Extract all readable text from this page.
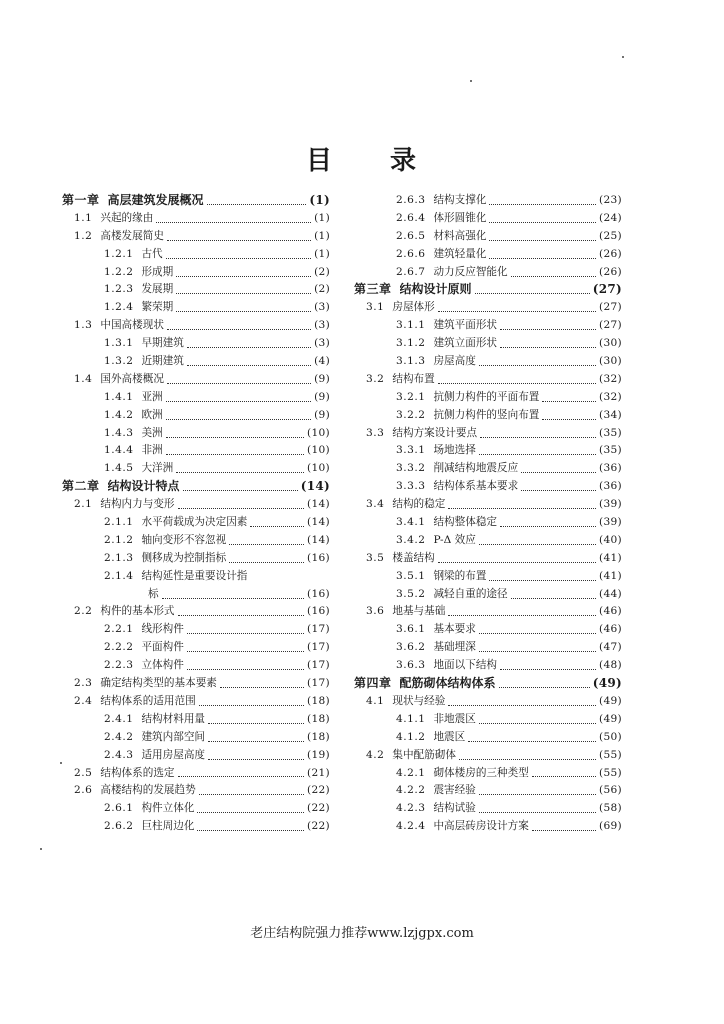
目 录
第一章 高层建筑发展概况	(1)
1.1 兴起的缘由	(1)
1.2 高楼发展简史	(1)
1.2.1 古代	(1)
1.2.2 形成期	(2)
1.2.3 发展期	(2)
1.2.4 繁荣期	(3)
1.3 中国高楼现状	(3)
1.3.1 早期建筑	(3)
1.3.2 近期建筑	(4)
1.4 国外高楼概况	(9)
1.4.1 亚洲	(9)
1.4.2 欧洲	(9)
1.4.3 美洲	(10)
1.4.4 非洲	(10)
1.4.5 大洋洲	(10)
第二章 结构设计特点	(14)
2.1 结构内力与变形	(14)
2.1.1 水平荷载成为决定因素	(14)
2.1.2 轴向变形不容忽视	(14)
2.1.3 侧移成为控制指标	(16)
2.1.4 结构延性是重要设计指
标	(16)
2.2 构件的基本形式	(16)
2.2.1 线形构件	(17)
2.2.2 平面构件	(17)
2.2.3 立体构件	(17)
2.3 确定结构类型的基本要素	(17)
2.4 结构体系的适用范围	(18)
2.4.1 结构材料用量	(18)
2.4.2 建筑内部空间	(18)
2.4.3 适用房屋高度	(19)
2.5 结构体系的选定	(21)
2.6 高楼结构的发展趋势	(22)
2.6.1 构件立体化	(22)
2.6.2 巨柱周边化	(22)
2.6.3 结构支撑化	(23)
2.6.4 体形圆锥化	(24)
2.6.5 材料高强化	(25)
2.6.6 建筑轻量化	(26)
2.6.7 动力反应智能化	(26)
第三章 结构设计原则	(27)
3.1 房屋体形	(27)
3.1.1 建筑平面形状	(27)
3.1.2 建筑立面形状	(30)
3.1.3 房屋高度	(30)
3.2 结构布置	(32)
3.2.1 抗侧力构件的平面布置	(32)
3.2.2 抗侧力构件的竖向布置	(34)
3.3 结构方案设计要点	(35)
3.3.1 场地选择	(35)
3.3.2 削减结构地震反应	(36)
3.3.3 结构体系基本要求	(36)
3.4 结构的稳定	(39)
3.4.1 结构整体稳定	(39)
3.4.2 P-Δ 效应	(40)
3.5 楼盖结构	(41)
3.5.1 钢梁的布置	(41)
3.5.2 减轻自重的途径	(44)
3.6 地基与基础	(46)
3.6.1 基本要求	(46)
3.6.2 基础埋深	(47)
3.6.3 地面以下结构	(48)
第四章 配筋砌体结构体系	(49)
4.1 现状与经验	(49)
4.1.1 非地震区	(49)
4.1.2 地震区	(50)
4.2 集中配筋砌体	(55)
4.2.1 砌体楼房的三种类型	(55)
4.2.2 震害经验	(56)
4.2.3 结构试验	(58)
4.2.4 中高层砖房设计方案	(69)
老庄结构院强力推荐www.lzjgpx.com
